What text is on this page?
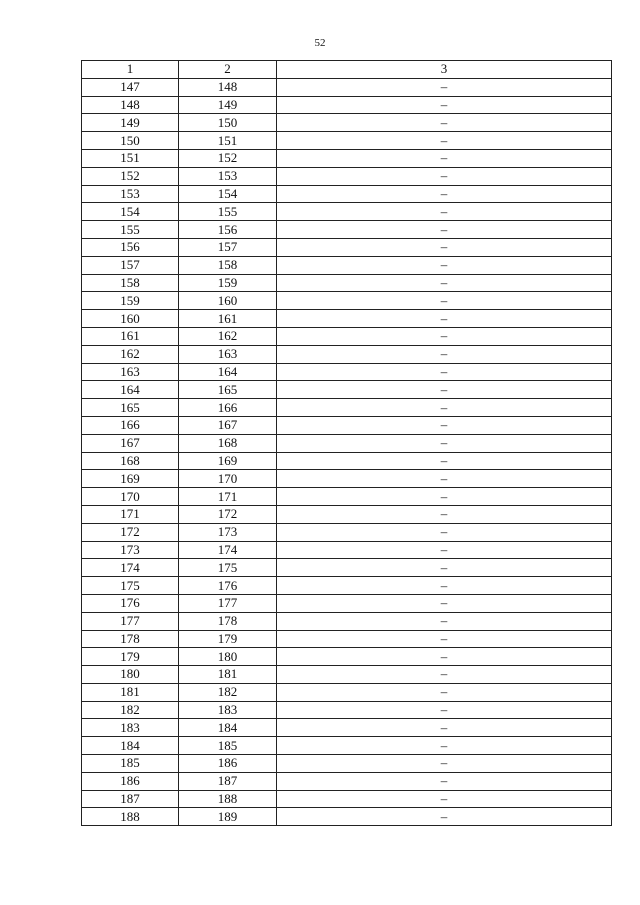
52
1	2	3
147	148	–
148	149	–
149	150	–
150	151	–
151	152	–
152	153	–
153	154	–
154	155	–
155	156	–
156	157	–
157	158	–
158	159	–
159	160	–
160	161	–
161	162	–
162	163	–
163	164	–
164	165	–
165	166	–
166	167	–
167	168	–
168	169	–
169	170	–
170	171	–
171	172	–
172	173	–
173	174	–
174	175	–
175	176	–
176	177	–
177	178	–
178	179	–
179	180	–
180	181	–
181	182	–
182	183	–
183	184	–
184	185	–
185	186	–
186	187	–
187	188	–
188	189	–
